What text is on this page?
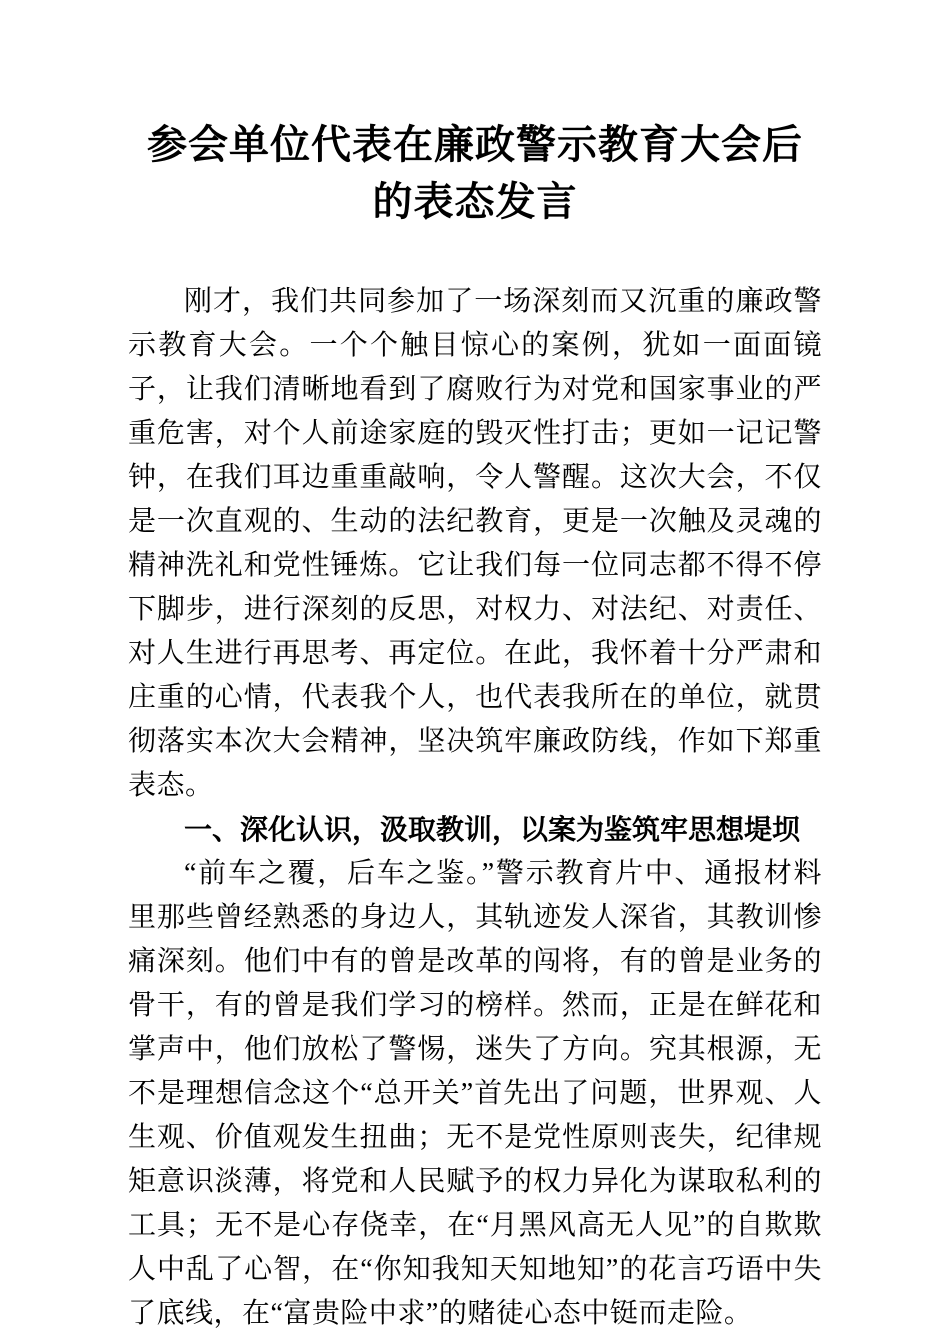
参会单位代表在廉政警示教育大会后的表态发言

刚才，我们共同参加了一场深刻而又沉重的廉政警示教育大会。一个个触目惊心的案例，犹如一面面镜子，让我们清晰地看到了腐败行为对党和国家事业的严重危害，对个人前途家庭的毁灭性打击；更如一记记警钟，在我们耳边重重敲响，令人警醒。这次大会，不仅是一次直观的、生动的法纪教育，更是一次触及灵魂的精神洗礼和党性锤炼。它让我们每一位同志都不得不停下脚步，进行深刻的反思，对权力、对法纪、对责任、对人生进行再思考、再定位。在此，我怀着十分严肃和庄重的心情，代表我个人，也代表我所在的单位，就贯彻落实本次大会精神，坚决筑牢廉政防线，作如下郑重表态。

一、深化认识，汲取教训，以案为鉴筑牢思想堤坝

“前车之覆，后车之鉴。”警示教育片中、通报材料里那些曾经熟悉的身边人，其轨迹发人深省，其教训惨痛深刻。他们中有的曾是改革的闯将，有的曾是业务的骨干，有的曾是我们学习的榜样。然而，正是在鲜花和掌声中，他们放松了警惕，迷失了方向。究其根源，无不是理想信念这个“总开关”首先出了问题，世界观、人生观、价值观发生扭曲；无不是党性原则丧失，纪律规矩意识淡薄，将党和人民赋予的权力异化为谋取私利的工具；无不是心存侥幸，在“月黑风高无人见”的自欺欺人中乱了心智，在“你知我知天知地知”的花言巧语中失了底线，在“富贵险中求”的赌徒心态中铤而走险。
